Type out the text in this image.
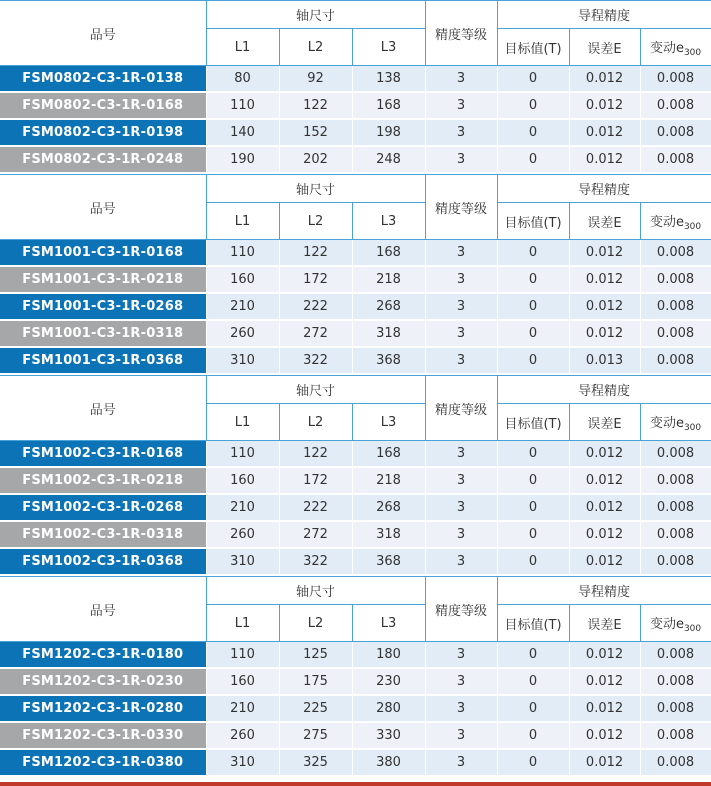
品号	轴尺寸			精度等级	导程精度		
	L1	L2	L3		目标值(T)	误差E	变动$e_{300}$
FSM0802-C3-1R-0138	80	92	138	3	0	0.012	0.008
FSM0802-C3-1R-0168	110	122	168	3	0	0.012	0.008
FSM0802-C3-1R-0198	140	152	198	3	0	0.012	0.008
FSM0802-C3-1R-0248	190	202	248	3	0	0.012	0.008
品号	轴尺寸			精度等级	导程精度		
	L1	L2	L3		目标值(T)	误差E	变动$e_{300}$
FSM1001-C3-1R-0168	110	122	168	3	0	0.012	0.008
FSM1001-C3-1R-0218	160	172	218	3	0	0.012	0.008
FSM1001-C3-1R-0268	210	222	268	3	0	0.012	0.008
FSM1001-C3-1R-0318	260	272	318	3	0	0.012	0.008
FSM1001-C3-1R-0368	310	322	368	3	0	0.013	0.008
品号	轴尺寸			精度等级	导程精度		
	L1	L2	L3		目标值(T)	误差E	变动$e_{300}$
FSM1002-C3-1R-0168	110	122	168	3	0	0.012	0.008
FSM1002-C3-1R-0218	160	172	218	3	0	0.012	0.008
FSM1002-C3-1R-0268	210	222	268	3	0	0.012	0.008
FSM1002-C3-1R-0318	260	272	318	3	0	0.012	0.008
FSM1002-C3-1R-0368	310	322	368	3	0	0.012	0.008
品号	轴尺寸			精度等级	导程精度		
	L1	L2	L3		目标值(T)	误差E	变动$e_{300}$
FSM1202-C3-1R-0180	110	125	180	3	0	0.012	0.008
FSM1202-C3-1R-0230	160	175	230	3	0	0.012	0.008
FSM1202-C3-1R-0280	210	225	280	3	0	0.012	0.008
FSM1202-C3-1R-0330	260	275	330	3	0	0.012	0.008
FSM1202-C3-1R-0380	310	325	380	3	0	0.012	0.008
